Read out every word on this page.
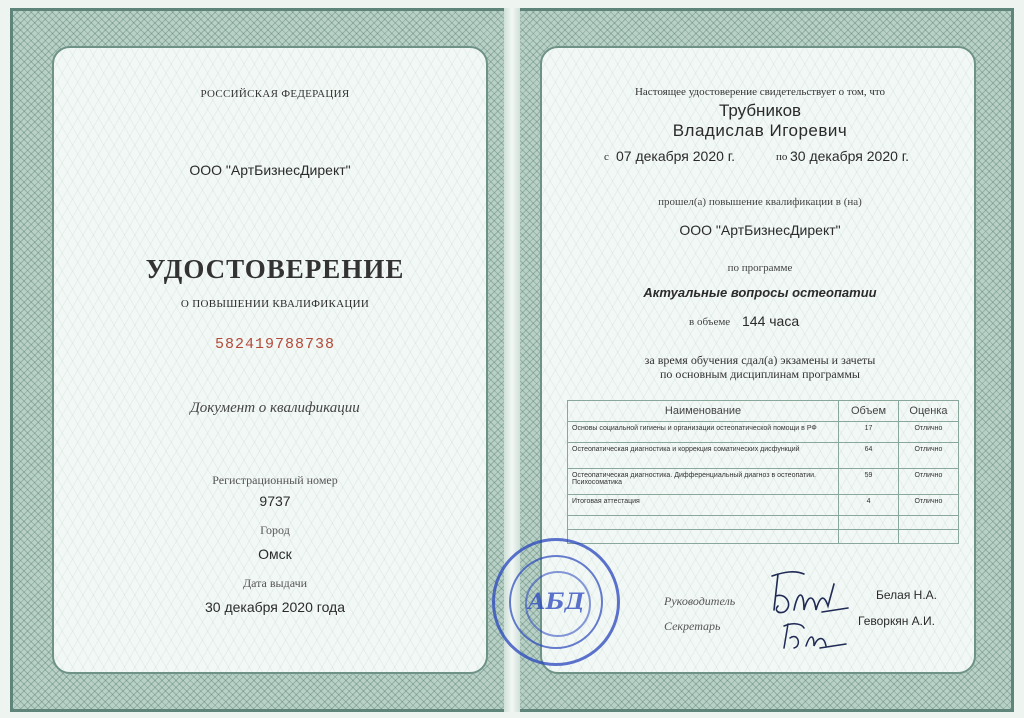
РОССИЙСКАЯ ФЕДЕРАЦИЯ
ООО "АртБизнесДирект"
УДОСТОВЕРЕНИЕ
О ПОВЫШЕНИИ КВАЛИФИКАЦИИ
582419788738
Документ о квалификации
Регистрационный номер
9737
Город
Омск
Дата выдачи
30 декабря 2020 года
Настоящее удостоверение свидетельствует о том, что
Трубников
Владислав Игоревич
с 07 декабря 2020 г.	по 30 декабря 2020 г.
прошел(а) повышение квалификации в (на)
ООО "АртБизнесДирект"
по программе
Актуальные вопросы остеопатии
в объеме 144 часа
за время обучения сдал(а) экзамены и зачеты
по основным дисциплинам программы
Наименование	Объем	Оценка
Основы социальной гигиены и организации остеопатической помощи в РФ	17	Отлично
Остеопатическая диагностика и коррекция соматических дисфункций	64	Отлично
Остеопатическая диагностика. Дифференциальный диагноз в остеопатии. Психосоматика	59	Отлично
Итоговая аттестация	4	Отлично

АБД	Руководитель
Секретарь
Белая Н.А.
Геворкян А.И.
